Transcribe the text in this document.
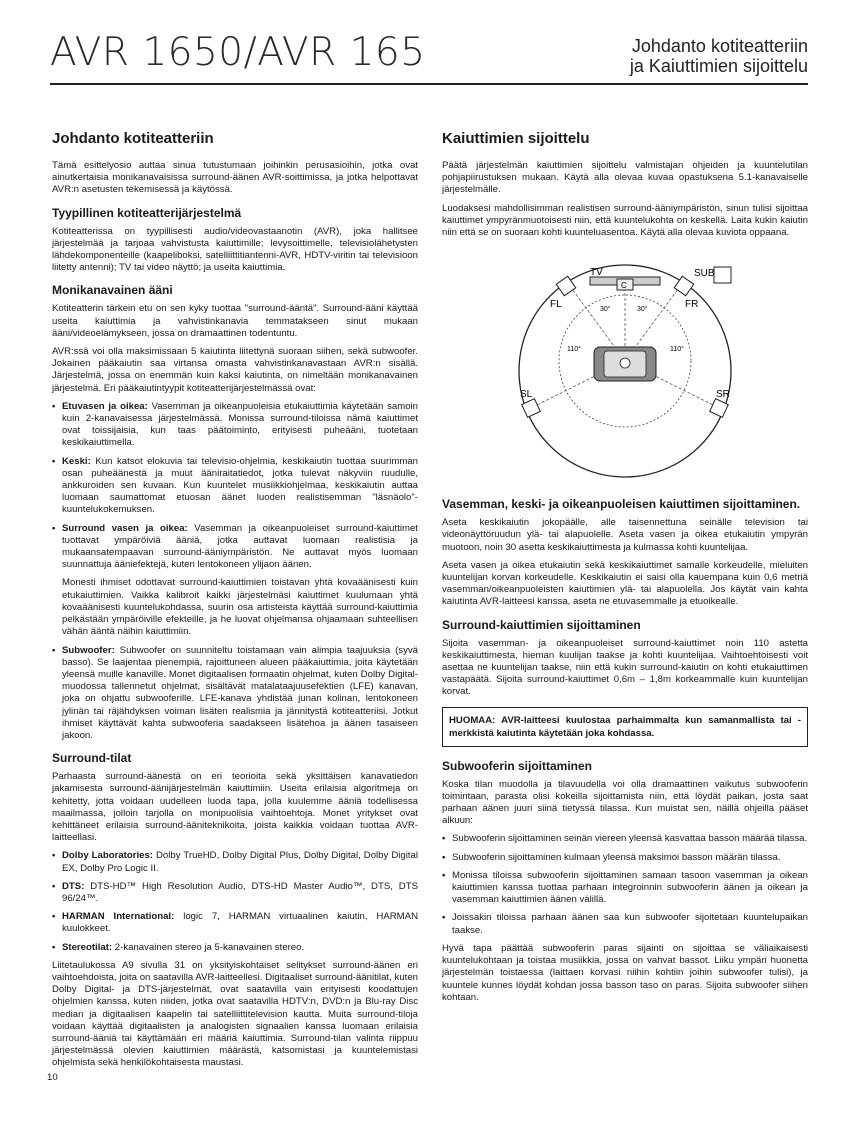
AVR 1650/AVR 165	Johdanto kotiteatteriin
ja Kaiuttimien sijoittelu
Johdanto kotiteatteriin

Tämä esittelyosio auttaa sinua tutustumaan joihinkin perusasioihin, jotka ovat ainutkertaisia monikanavaisissa surround-äänen AVR-soittimissa, ja jotka helpottavat AVR:n asetusten tekemisessä ja käytössä.

Tyypillinen kotiteatterijärjestelmä

Kotiteatterissa on tyypillisesti audio/videovastaanotin (AVR), joka hallitsee järjestelmää ja tarjoaa vahvistusta kaiuttimille; levysoittimelle, televisiolähetysten lähdekomponenteille (kaapeliboksi, satelliittitiantenni-AVR, HDTV-viritin tai televisioon liitetty antenni); TV tai video näyttö; ja useita kaiuttimia.

Monikanavainen ääni

Kotiteatterin tärkein etu on sen kyky tuottaa "surround-ääntä". Surround-ääni käyttää useita kaiuttimia ja vahvistinkanavia temmatakseen sinut mukaan ääni/videoelämykseen, jossa on dramaattinen todentuntu.

AVR:ssä voi olla maksimissaan 5 kaiutinta liitettynä suoraan siihen, sekä subwoofer. Jokainen pääkaiutin saa virtansa omasta vahvistinkanavastaan AVR:n sisällä. Järjestelmä, jossa on enemmän kuin kaksi kaiutinta, on nimeltään monikanavainen järjestelmä. Eri pääkaiutintyypit kotiteatterijärjestelmässä ovat:

• Etuvasen ja oikea: Vasemman ja oikeanpuoleisia etukaiuttimia käytetään samoin kuin 2-kanavaisessa järjestelmässä. Monissa surround-tiloissa nämä kaiuttimet ovat toissijaisia, kun taas päätoiminto, erityisesti puheääni, tuotetaan keskikaiuttimella.
• Keski: Kun katsot elokuvia tai televisio-ohjelmia, keskikaiutin tuottaa suurimman osan puheäänestä ja muut ääniraitatiedot, jotka tulevat näkyviin ruudulle, ankkuroiden sen kuvaan. Kun kuuntelet musiikkiohjelmaa, keskikaiutin auttaa luomaan saumattomat etuosan äänet luoden realistisemman "läsnäolo"-kuuntelukokemuksen.
• Surround vasen ja oikea: Vasemman ja oikeanpuoleiset surround-kaiuttimet tuottavat ympäröiviä ääniä, jotka auttavat luomaan realistisia ja mukaansatempaavan surround-ääniympäristön. Ne auttavat myös luomaan suunnattuja ääniefektejä, kuten lentokoneen ylijaon äänen.

Monesti ihmiset odottavat surround-kaiuttimien toistavan yhtä kovaäänisesti kuin etukaiuttimien. Vaikka kalibroit kaikki järjestelmäsi kaiuttimet kuulumaan yhtä kovaäänisesti kuuntelukohdassa, suurin osa artisteista käyttää surround-kaiuttimia pelkästään ympäröiville efekteille, ja he luovat ohjelmansa ohjaamaan suhteellisen vähän ääntä näihin kaiuttimiin.

• Subwoofer: Subwoofer on suunniteltu toistamaan vain alimpia taajuuksia (syvä basso). Se laajentaa pienempiä, rajoittuneen alueen pääkaiuttimia, joita käytetään yleensä muille kanaville. Monet digitaalisen formaatin ohjelmat, kuten Dolby Digital-muodossa tallennetut ohjelmat, sisältävät matalataajuusefektien (LFE) kanavan, joka on ohjattu subwooferille. LFE-kanava yhdistää junan kolinan, lentokoneen jylinän tai räjähdyksen voiman lisäten realismia ja jännitystä kotiteatteriisi. Jotkut ihmiset käyttävät kahta subwooferia saadakseen lisätehoa ja äänen tasaiseen jakoon.
Surround-tilat

Parhaasta surround-äänestä on eri teorioita sekä yksittäisen kanavatiedon jakamisesta surround-äänijärjestelmän kaiuttimiin. Useita erilaisia algoritmeja on kehitetty, jotta voidaan uudelleen luoda tapa, jolla kuulemme ääniä todellisessa maailmassa, jolloin tarjolla on monipuolisia vaihtoehtoja. Monet yritykset ovat kehittäneet erilaisia surround-ääniteknikoita, joista kaikkia voidaan tuottaa AVR-laitteellasi.

• Dolby Laboratories: Dolby TrueHD, Dolby Digital Plus, Dolby Digital, Dolby Digital EX, Dolby Pro Logic II.
• DTS: DTS-HD™ High Resolution Audio, DTS-HD Master Audio™, DTS, DTS 96/24™.
• HARMAN International: logic 7, HARMAN virtuaalinen kaiutin, HARMAN kuulokkeet.
• Stereotilat: 2-kanavainen stereo ja 5-kanavainen stereo.

Liitetaulukossa A9 sivulla 31 on yksityiskohtaiset selitykset surround-äänen eri vaihtoehdoista, joita on saatavilla AVR-laitteellesi. Digitaaliset surround-äänitilat, kuten Dolby Digital- ja DTS-järjestelmät, ovat saatavilla vain erityisesti koodattujen ohjelmien kanssa, kuten niiden, jotka ovat saatavilla HDTV:n, DVD:n ja Blu-ray Disc median ja digitaalisen kaapelin tai satelliittitelevision kautta. Muita surround-tiloja voidaan käyttää digitaalisten ja analogisten signaalien kanssa luomaan erilaisia surround-ääniä tai käyttämään eri määriä kaiuttimia. Surround-tilan valinta riippuu järjestelmässä olevien kaiuttimien määrästä, katsomistasi ja kuuntelemistasi ohjelmista sekä henkilökohtaisesta maustasi.

Kaiuttimien sijoittelu

Päätä järjestelmän kaiuttimien sijoittelu valmistajan ohjeiden ja kuuntelutilan pohjapiirustuksen mukaan. Käytä alla olevaa kuvaa opastuksena 5.1-kanavaiselle järjestelmälle.

Luodaksesi mahdollisimman realistisen surround-ääniympäristön, sinun tulisi sijoittaa kaiuttimet ympyränmuotoisesti niin, että kuuntelukohta on keskellä. Laita kukin kaiutin niin että se on suoraan kohti kuunteluasentoa. Käytä alla olevaa kuviota oppaana.

TV
C
SUB
FL	FR
SL	SR
30°	30°
110°	110°
Vasemman, keski- ja oikeanpuoleisen kaiuttimen sijoittaminen.

Aseta keskikaiutin jokopäälle, alle taisennettuna seinälle television tai videonäyttöruudun ylä- tai alapuolelle. Aseta vasen ja oikea etukaiutin ympyrän muotoon, noin 30 asetta keskikaiuttimesta ja kulmassa kohti kuuntelijaa.

Aseta vasen ja oikea etukaiutin sekä keskikaiuttimet samalle korkeudelle, mieluiten kuuntelijan korvan korkeudelle. Keskikaiutin ei saisi olla kauempana kuin 0,6 metriä vasemman/oikeanpuoleisten kaiuttimien ylä- tai alapuolella. Jos käytät vain kahta kaiutinta AVR-laitteesi kanssa, aseta ne etuvasemmalle ja etuoikealle.

Surround-kaiuttimien sijoittaminen

Sijoita vasemman- ja oikeanpuoleiset surround-kaiuttimet noin 110 astetta keskikaiuttimesta, hieman kuulijan taakse ja kohti kuuntelijaa. Vaihtoehtoisesti voit asettaa ne kuuntelijan taakse, niin että kukin surround-kaiutin on kohti etukaiuttimen vastapäätä. Sijoita surround-kaiuttimet 0,6m – 1,8m korkeammalle kuin kuuntelijan korvat.

HUOMAA: AVR-laitteesi kuulostaa parhaimmalta kun samanmallista tai -merkkistä kaiutinta käytetään joka kohdassa.
Subwooferin sijoittaminen

Koska tilan muodolla ja tilavuudella voi olla dramaattinen vaikutus subwooferin toimintaan, parasta olisi kokeilla sijoittamista niin, että löydät paikan, josta saat parhaan äänen juuri siinä tietyssä tilassa. Kun muistat sen, näillä ohjeilla pääset alkuun:

• Subwooferin sijoittaminen seinän viereen yleensä kasvattaa basson määrää tilassa.
• Subwooferin sijoittaminen kulmaan yleensä maksimoi basson määrän tilassa.
• Monissa tiloissa subwooferin sijoittaminen samaan tasoon vasemman ja oikean kaiuttimien kanssa tuottaa parhaan integroinnin subwooferin äänen ja oikean ja vasemman kaiuttimien äänen välillä.
• Joissakin tiloissa parhaan äänen saa kun subwoofer sijoitetaan kuuntelupaikan taakse.

Hyvä tapa päättää subwooferin paras sijainti on sijoittaa se väliaikaisesti kuuntelukohtaan ja toistaa musiikkia, jossa on vahvat bassot. Liiku ympäri huonetta järjestelmän toistaessa (laittaen korvasi niihin kohtiin joihin subwoofer tulisi), ja kuuntele kunnes löydät kohdan jossa basson taso on paras. Sijoita subwoofer siihen kohtaan.

10
